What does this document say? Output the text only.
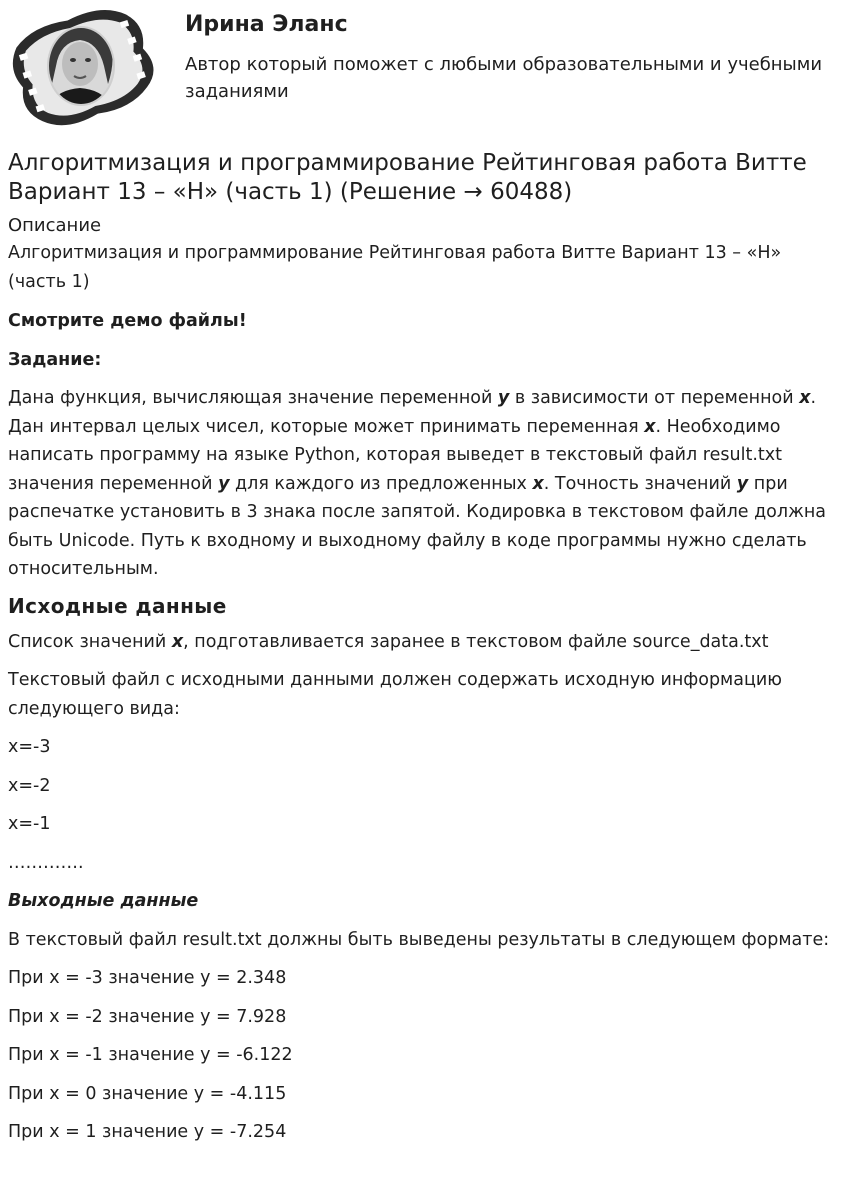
Ирина Эланс

Автор который поможет с любыми образовательными и учебными заданиями

Алгоритмизация и программирование Рейтинговая работа Витте Вариант 13 – «Н» (часть 1) (Решение → 60488)
Описание

Алгоритмизация и программирование Рейтинговая работа Витте Вариант 13 – «Н» (часть 1)

Смотрите демо файлы!

Задание:

Дана функция, вычисляющая значение переменной y в зависимости от переменной x. Дан интервал целых чисел, которые может принимать переменная x. Необходимо написать программу на языке Python, которая выведет в текстовый файл result.txt значения переменной y для каждого из предложенных x. Точность значений y при распечатке установить в 3 знака после запятой. Кодировка в текстовом файле должна быть Unicode. Путь к входному и выходному файлу в коде программы нужно сделать относительным.

Исходные данные

Список значений x, подготавливается заранее в текстовом файле source_data.txt

Текстовый файл с исходными данными должен содержать исходную информацию следующего вида:

x=-3

x=-2

x=-1

………….

Выходные данные

В текстовый файл result.txt должны быть выведены результаты в следующем формате:

При x = -3 значение y = 2.348

При x = -2 значение y = 7.928

При x = -1 значение y = -6.122

При x = 0 значение y = -4.115

При x = 1 значение y = -7.254
